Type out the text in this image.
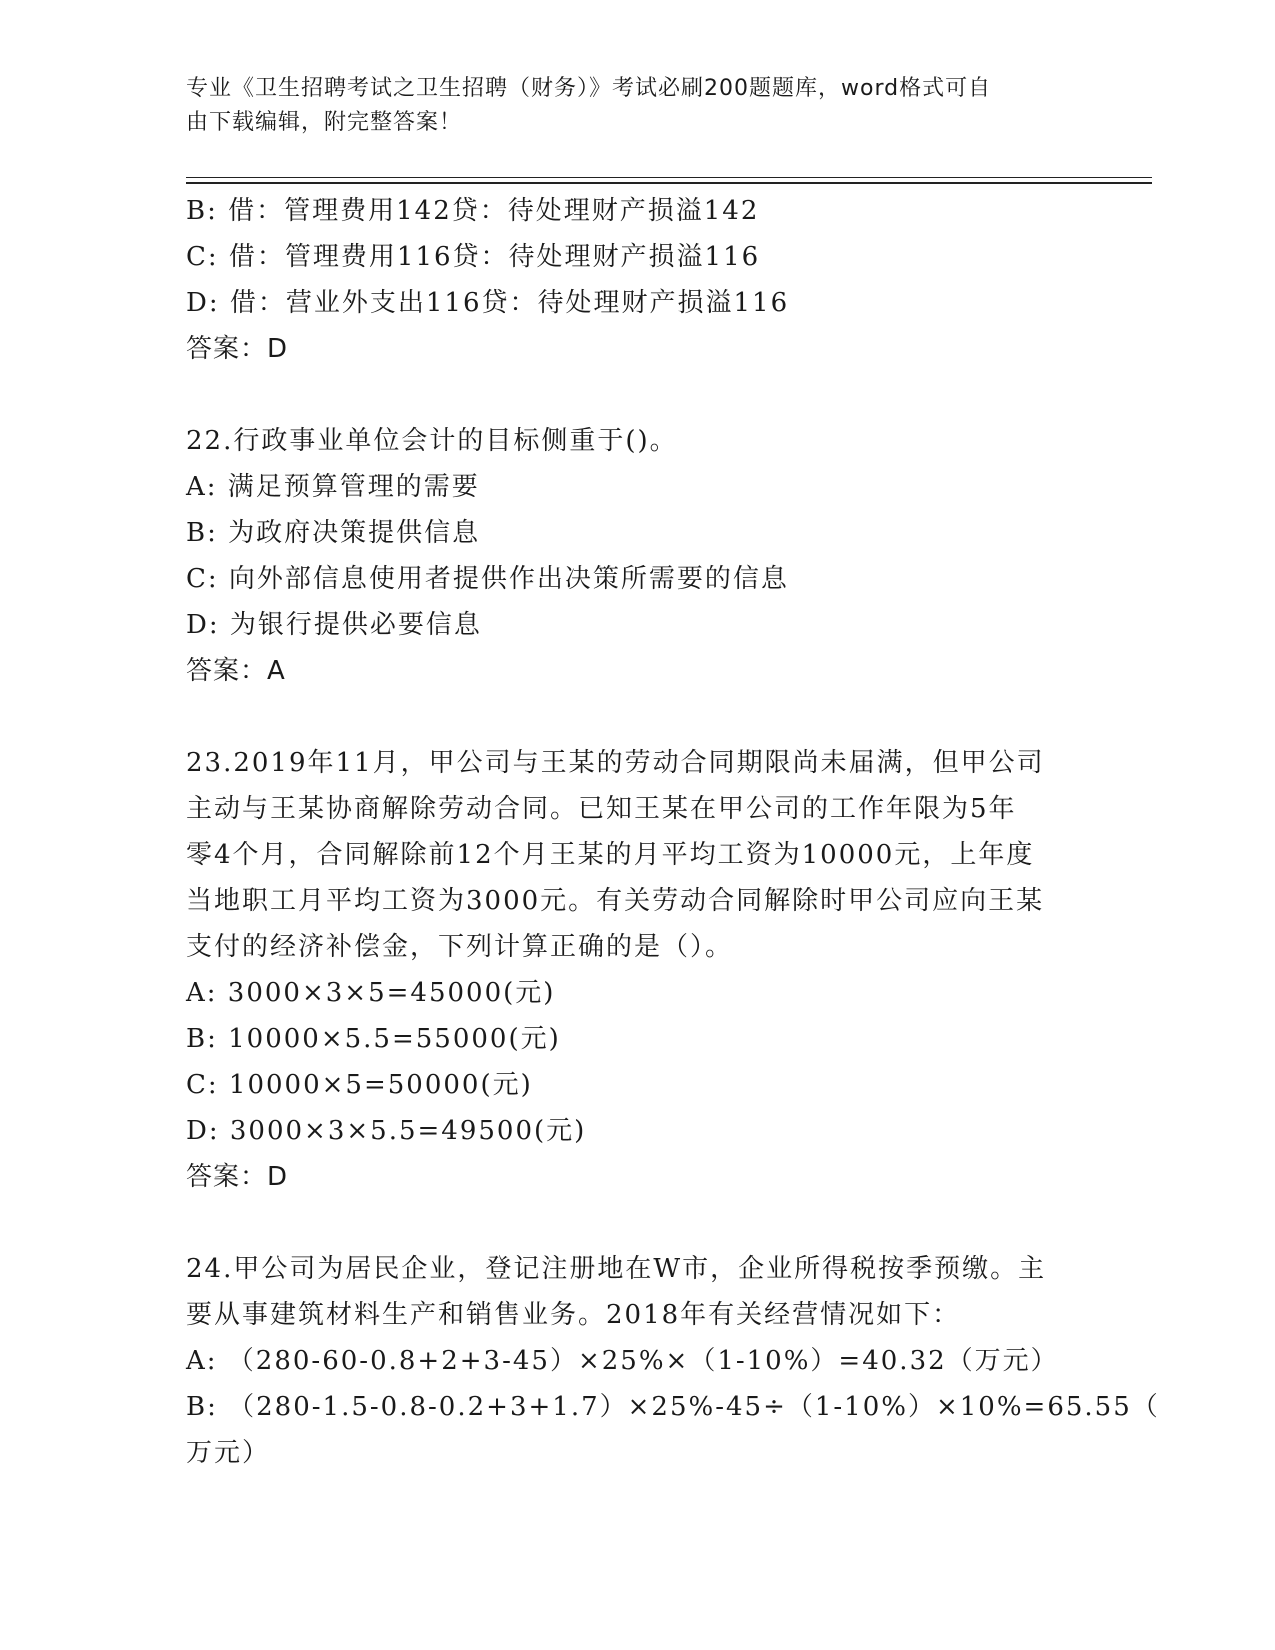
专业《卫生招聘考试之卫生招聘（财务）》考试必刷200题题库，word格式可自
由下载编辑，附完整答案！

B: 借：管理费用142贷：待处理财产损溢142

C: 借：管理费用116贷：待处理财产损溢116

D: 借：营业外支出116贷：待处理财产损溢116

答案：D

22.行政事业单位会计的目标侧重于()。

A: 满足预算管理的需要

B: 为政府决策提供信息

C: 向外部信息使用者提供作出决策所需要的信息

D: 为银行提供必要信息

答案：A

23.2019年11月，甲公司与王某的劳动合同期限尚未届满，但甲公司

主动与王某协商解除劳动合同。已知王某在甲公司的工作年限为5年

零4个月，合同解除前12个月王某的月平均工资为10000元，上年度

当地职工月平均工资为3000元。有关劳动合同解除时甲公司应向王某

支付的经济补偿金，下列计算正确的是（）。

A: 3000×3×5=45000(元)

B: 10000×5.5=55000(元)

C: 10000×5=50000(元)

D: 3000×3×5.5=49500(元)

答案：D

24.甲公司为居民企业，登记注册地在W市，企业所得税按季预缴。主

要从事建筑材料生产和销售业务。2018年有关经营情况如下：

A: （280-60-0.8+2+3-45）×25%×（1-10%）=40.32（万元）

B: （280-1.5-0.8-0.2+3+1.7）×25%-45÷（1-10%）×10%=65.55（

万元）
